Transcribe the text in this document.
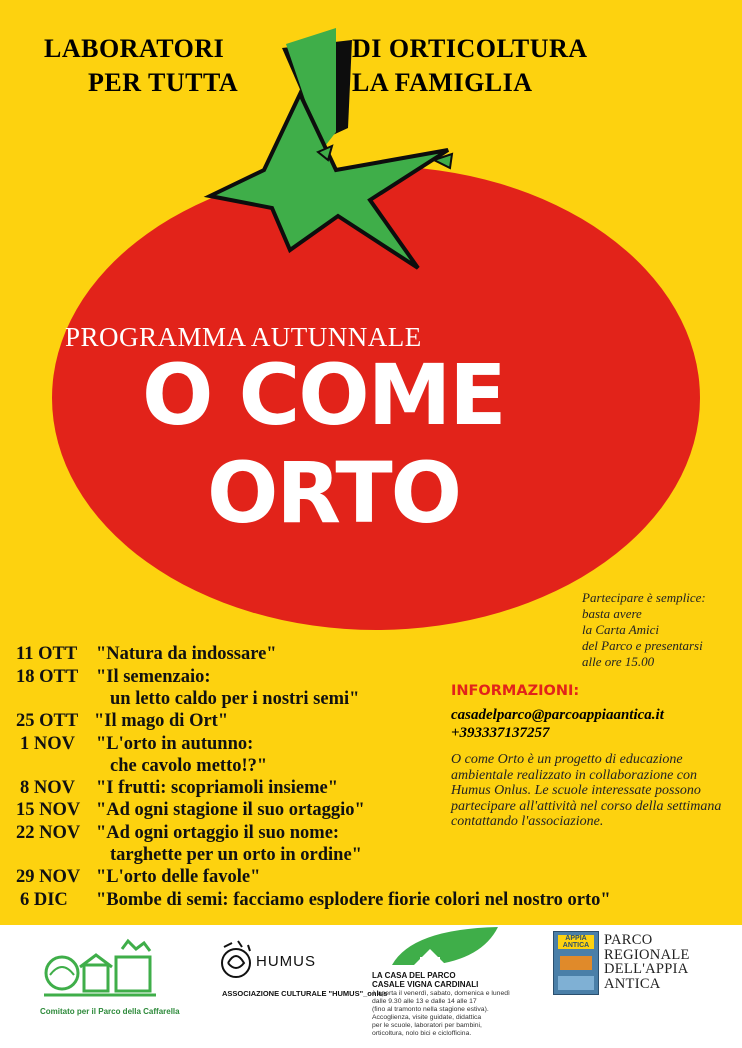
LABORATORI	DI ORTICOLTURA
PER TUTTA	LA FAMIGLIA
PROGRAMMA AUTUNNALE
O COME
ORTO
Partecipare è semplice:
basta avere
la Carta Amici
del Parco e presentarsi
alle ore 15.00
11 OTT "Natura da indossare"
18 OTT "Il semenzaio:
un letto caldo per i nostri semi"
25 OTT "Il mago di Ort"
1 NOV "L'orto in autunno:
che cavolo metto!?"
8 NOV "I frutti: scopriamoli insieme"
15 NOV "Ad ogni stagione il suo ortaggio"
22 NOV "Ad ogni ortaggio il suo nome:
targhette per un orto in ordine"
29 NOV "L'orto delle favole"
6 DIC "Bombe di semi: facciamo esplodere fiorie colori nel nostro orto"
INFORMAZIONI:
casadelparco@parcoappiaantica.it
+393337137257
O come Orto è un progetto di educazione ambientale realizzato in collaborazione con Humus Onlus. Le scuole interessate possono partecipare all'attività nel corso della settimana contattando l'associazione.
Comitato per il Parco della Caffarella
HUMUS
ASSOCIAZIONE CULTURALE "HUMUS"_onlus
LA CASA DEL PARCO
CASALE VIGNA CARDINALI
è aperta il venerdì, sabato, domenica e lunedì
dalle 9.30 alle 13 e dalle 14 alle 17
(fino al tramonto nella stagione estiva).
Accoglienza, visite guidate, didattica
per le scuole, laboratori per bambini,
orticoltura, nolo bici e ciclofficina.
APPIA
ANTICA	PARCO
REGIONALE
DELL'APPIA
ANTICA
